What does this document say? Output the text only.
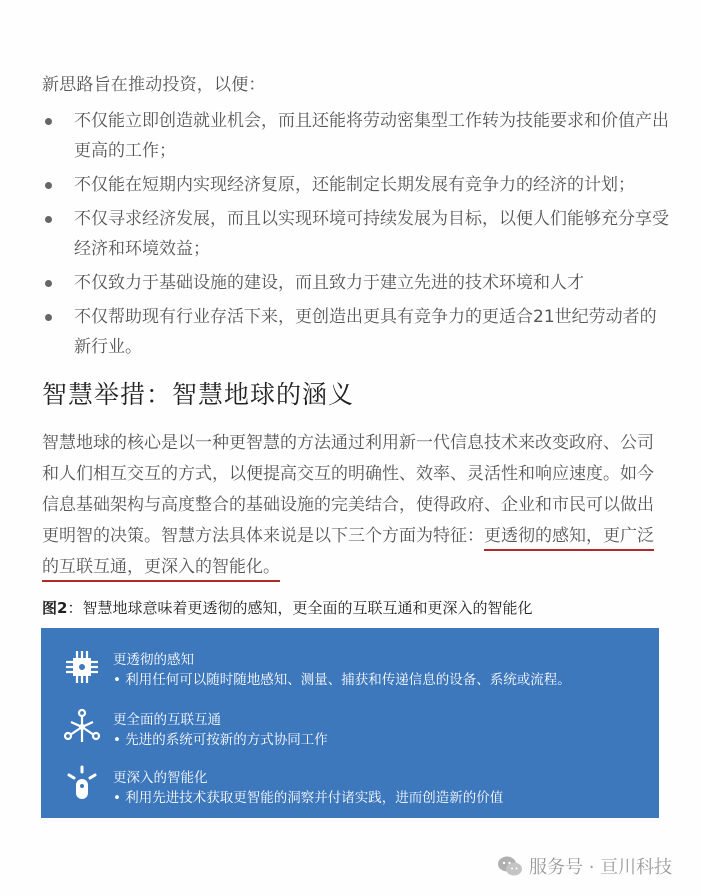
新思路旨在推动投资，以便：
不仅能立即创造就业机会，而且还能将劳动密集型工作转为技能要求和价值产出更高的工作；
不仅能在短期内实现经济复原，还能制定长期发展有竞争力的经济的计划；
不仅寻求经济发展，而且以实现环境可持续发展为目标，以便人们能够充分享受经济和环境效益；
不仅致力于基础设施的建设，而且致力于建立先进的技术环境和人才
不仅帮助现有行业存活下来，更创造出更具有竞争力的更适合21世纪劳动者的新行业。
智慧举措：智慧地球的涵义
智慧地球的核心是以一种更智慧的方法通过利用新一代信息技术来改变政府、公司和人们相互交互的方式，以便提高交互的明确性、效率、灵活性和响应速度。如今信息基础架构与高度整合的基础设施的完美结合，使得政府、企业和市民可以做出更明智的决策。智慧方法具体来说是以下三个方面为特征：更透彻的感知，更广泛的互联互通，更深入的智能化。
图2：智慧地球意味着更透彻的感知，更全面的互联互通和更深入的智能化
更透彻的感知
• 利用任何可以随时随地感知、测量、捕获和传递信息的设备、系统或流程。
更全面的互联互通
• 先进的系统可按新的方式协同工作
更深入的智能化
• 利用先进技术获取更智能的洞察并付诸实践，进而创造新的价值
服务号 · 亘川科技
